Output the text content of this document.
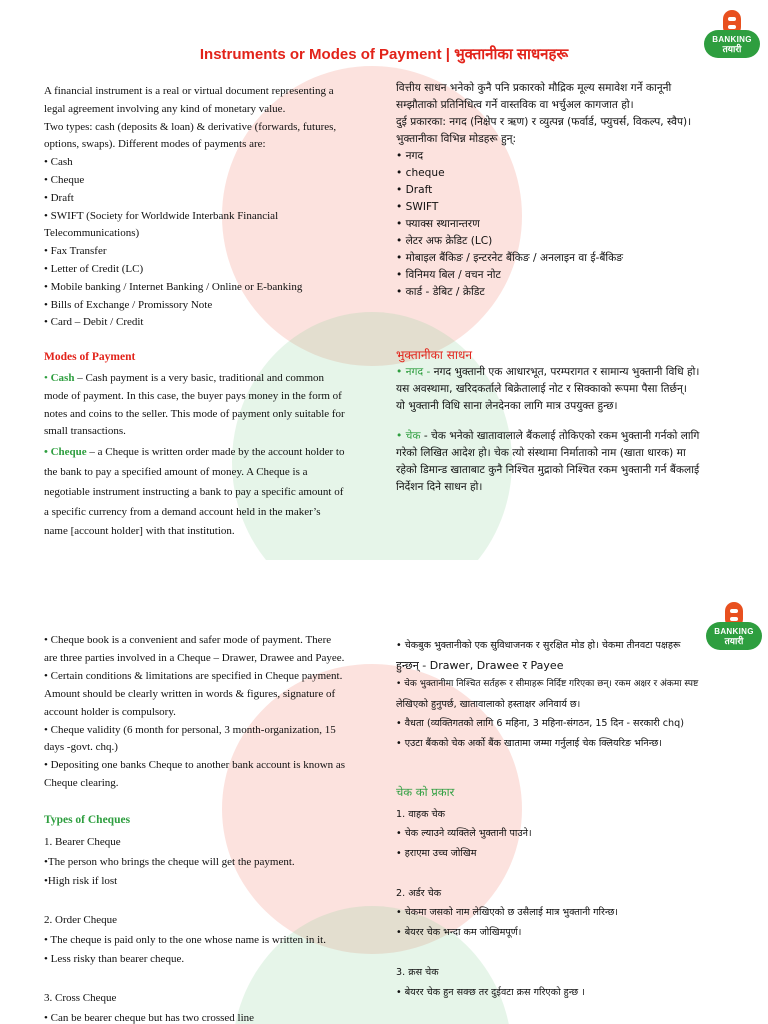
BANKING
तयारी
Instruments or Modes of Payment | भुक्तानीका साधनहरू
A financial instrument is a real or virtual document representing a
legal agreement involving any kind of monetary value.
Two types: cash (deposits & loan) & derivative (forwards, futures,
options, swaps). Different modes of payments are:
• Cash
• Cheque
• Draft
• SWIFT (Society for Worldwide Interbank Financial
Telecommunications)
• Fax Transfer
• Letter of Credit (LC)
• Mobile banking / Internet Banking / Online or E-banking
• Bills of Exchange / Promissory Note
• Card – Debit / Credit
Modes of Payment
• Cash – Cash payment is a very basic, traditional and common
mode of payment. In this case, the buyer pays money in the form of
notes and coins to the seller. This mode of payment only suitable for
small transactions.
• Cheque – a Cheque is written order made by the account holder to
the bank to pay a specified amount of money. A Cheque is a
negotiable instrument instructing a bank to pay a specific amount of
a specific currency from a demand account held in the maker’s
name [account holder] with that institution.
वित्तीय साधन भनेको कुनै पनि प्रकारको मौद्रिक मूल्य समावेश गर्ने कानूनी
सम्झौताको प्रतिनिधित्व गर्ने वास्तविक वा भर्चुअल कागजात हो।
दुई प्रकारका: नगद (निक्षेप र ऋण) र व्युत्पन्न (फर्वार्ड, फ्युचर्स, विकल्प, स्वैप)।
भुक्तानीका विभिन्न मोडहरू हुन्:
• नगद
• cheque
• Draft
• SWIFT
• फ्याक्स स्थानान्तरण
• लेटर अफ क्रेडिट (LC)
• मोबाइल बैंकिङ / इन्टरनेट बैंकिङ / अनलाइन वा ई-बैंकिङ
• विनिमय बिल / वचन नोट
• कार्ड - डेबिट / क्रेडिट
भुक्तानीका साधन
• नगद - नगद भुक्तानी एक आधारभूत, परम्परागत र सामान्य भुक्तानी विधि हो।
यस अवस्थामा, खरिदकर्ताले बिक्रेतालाई नोट र सिक्काको रूपमा पैसा तिर्छन्।
यो भुक्तानी विधि साना लेनदेनका लागि मात्र उपयुक्त हुन्छ।
• चेक - चेक भनेको खातावालाले बैंकलाई तोकिएको रकम भुक्तानी गर्नको लागि
गरेको लिखित आदेश हो। चेक त्यो संस्थामा निर्माताको नाम (खाता धारक) मा
रहेको डिमान्ड खाताबाट कुनै निश्चित मुद्राको निश्चित रकम भुक्तानी गर्न बैंकलाई
निर्देशन दिने साधन हो।
BANKING
तयारी
• Cheque book is a convenient and safer mode of payment. There
are three parties involved in a Cheque – Drawer, Drawee and Payee.
• Certain conditions & limitations are specified in Cheque payment.
Amount should be clearly written in words & figures, signature of
account holder is compulsory.
• Cheque validity (6 month for personal, 3 month-organization, 15
days -govt. chq.)
• Depositing one banks Cheque to another bank account is known as
Cheque clearing.
Types of Cheques
1. Bearer Cheque
•The person who brings the cheque will get the payment.
•High risk if lost
2. Order Cheque
• The cheque is paid only to the one whose name is written in it.
• Less risky than bearer cheque.
3. Cross Cheque
• Can be bearer cheque but has two crossed line
• चेकबुक भुक्तानीको एक सुविधाजनक र सुरक्षित मोड हो। चेकमा तीनवटा पक्षहरू
हुन्छन् - Drawer, Drawee र Payee
• चेक भुक्तानीमा निश्चित सर्तहरू र सीमाहरू निर्दिष्ट गरिएका छन्। रकम अक्षर र अंकमा स्पष्ट
लेखिएको हुनुपर्छ, खातावालाको हस्ताक्षर अनिवार्य छ।
• वैधता (व्यक्तिगतको लागि 6 महिना, 3 महिना-संगठन, 15 दिन - सरकारी chq)
• एउटा बैंकको चेक अर्को बैंक खातामा जम्मा गर्नुलाई चेक क्लियरिङ भनिन्छ।
चेक को प्रकार
1. वाहक चेक
• चेक ल्याउने व्यक्तिले भुक्तानी पाउने।
• हराएमा उच्च जोखिम
2. अर्डर चेक
• चेकमा जसको नाम लेखिएको छ उसैलाई मात्र भुक्तानी गरिन्छ।
• बेयरर चेक भन्दा कम जोखिमपूर्ण।
3. क्रस चेक
• बेयरर चेक हुन सक्छ तर दुईवटा क्रस गरिएको हुन्छ ।
